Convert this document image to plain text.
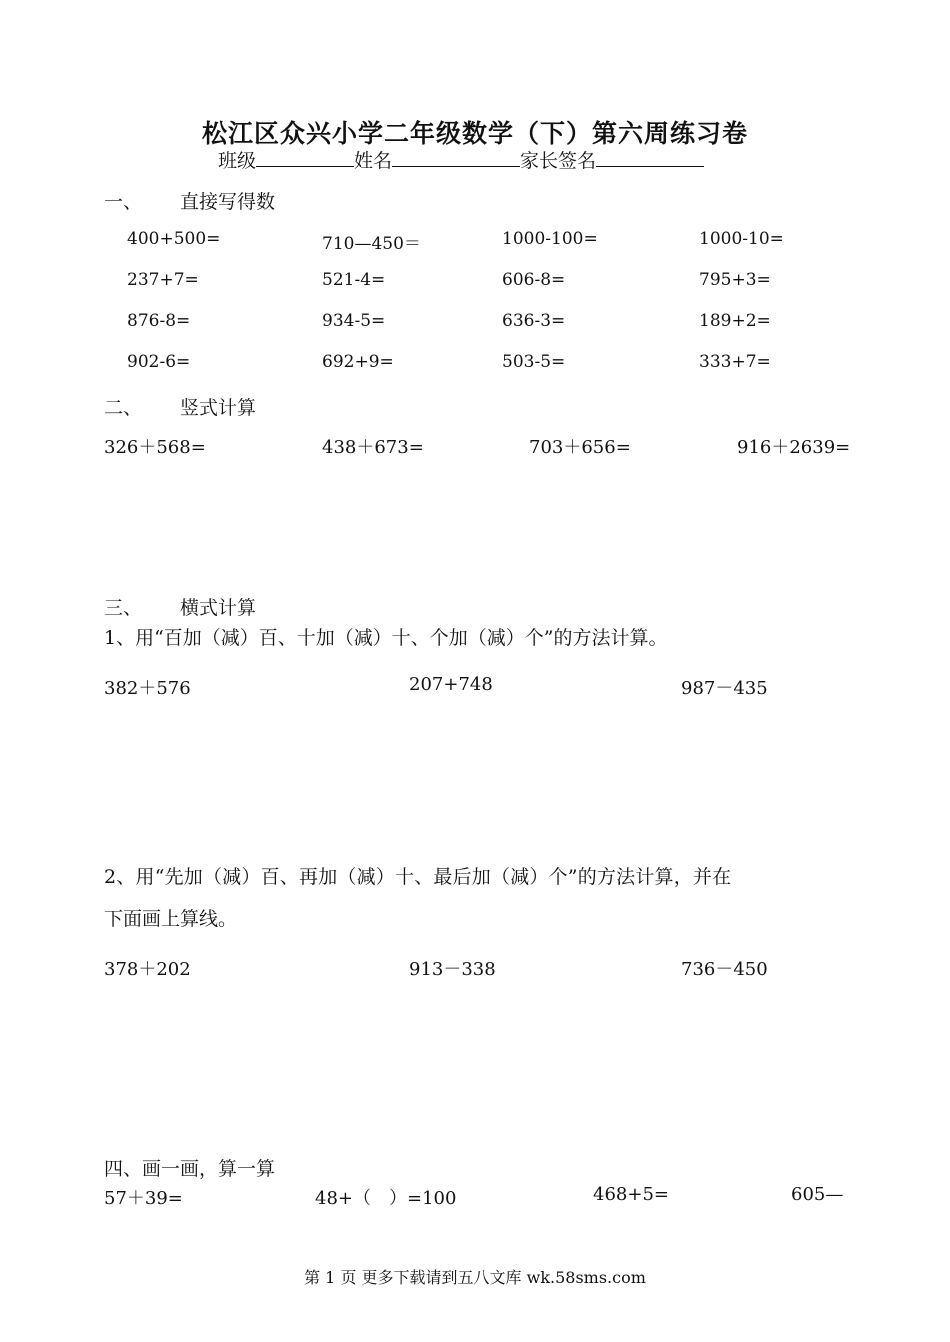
松江区众兴小学二年级数学（下）第六周练习卷
班级	姓名	家长签名
一、 直接写得数
400+500=	710—450＝	1000-100=	1000-10=
237+7=	521-4=	606-8=	795+3=
876-8=	934-5=	636-3=	189+2=
902-6=	692+9=	503-5=	333+7=
二、 竖式计算
326＋568=	438＋673=	703＋656=	916＋2639=
三、 横式计算
1、用“百加（减）百、十加（减）十、个加（减）个”的方法计算。
382＋576	207+748	987－435
2、用“先加（减）百、再加（减）十、最后加（减）个”的方法计算，并在
下面画上算线。
378＋202	913－338	736－450
四、画一画，算一算
57＋39=	48+（　）=100	468+5=	605—
第 1 页 更多下载请到五八文库 wk.58sms.com
